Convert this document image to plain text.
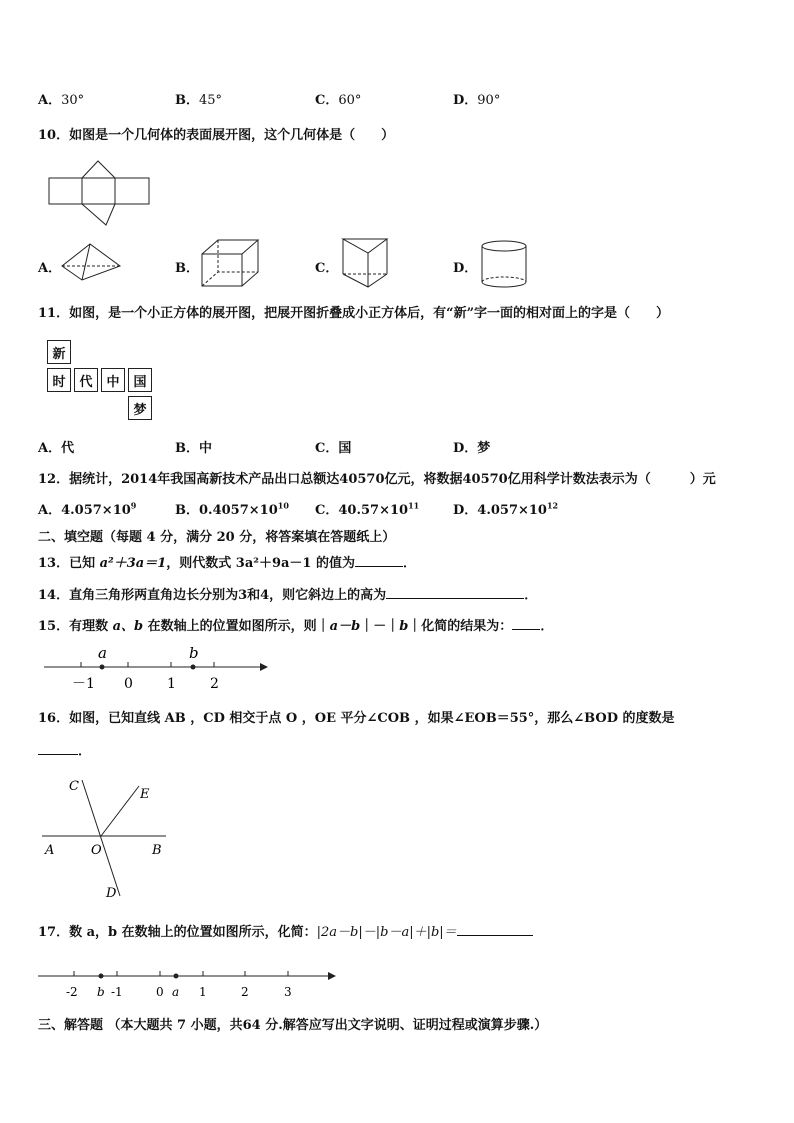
A．30°	B．45°	C．60°	D．90°
10．如图是一个几何体的表面展开图，这个几何体是（　　）
A．	B．	C．	D．
11．如图，是一个小正方体的展开图，把展开图折叠成小正方体后，有“新”字一面的相对面上的字是（　　）
新
时	代	中	国
梦
A．代	B．中	C．国	D．梦
12．据统计，2014年我国高新技术产品出口总额达40570亿元，将数据40570亿用科学计数法表示为（　　　）元
A．$4.057\times 10^9$	B．$0.4057\times 10^{10}$ C．$40.57\times 10^{11}$	D．$4.057\times 10^{12}$
二、填空题（每题 4 分，满分 20 分，将答案填在答题纸上）
13．已知 a²＋3a＝1，则代数式 3a²＋9a－1 的值为	．
14．直角三角形两直角边长分别为3和4，则它斜边上的高为	．
15．有理数 a、b 在数轴上的位置如图所示，则｜a－b｜－｜b｜化简的结果为： ．
a	b
－1 0 1 2
16．如图，已知直线 AB ，CD 相交于点 O ，OE 平分∠COB ，如果∠EOB＝55°，那么∠BOD 的度数是
．
C
E
A	O	B
D
17．数 a，b 在数轴上的位置如图所示，化简：|2a－b|－|b－a|＋|b|＝
-2 b -1	0 a 1	2	3
三、解答题 （本大题共 7 小题，共64 分.解答应写出文字说明、证明过程或演算步骤.）
